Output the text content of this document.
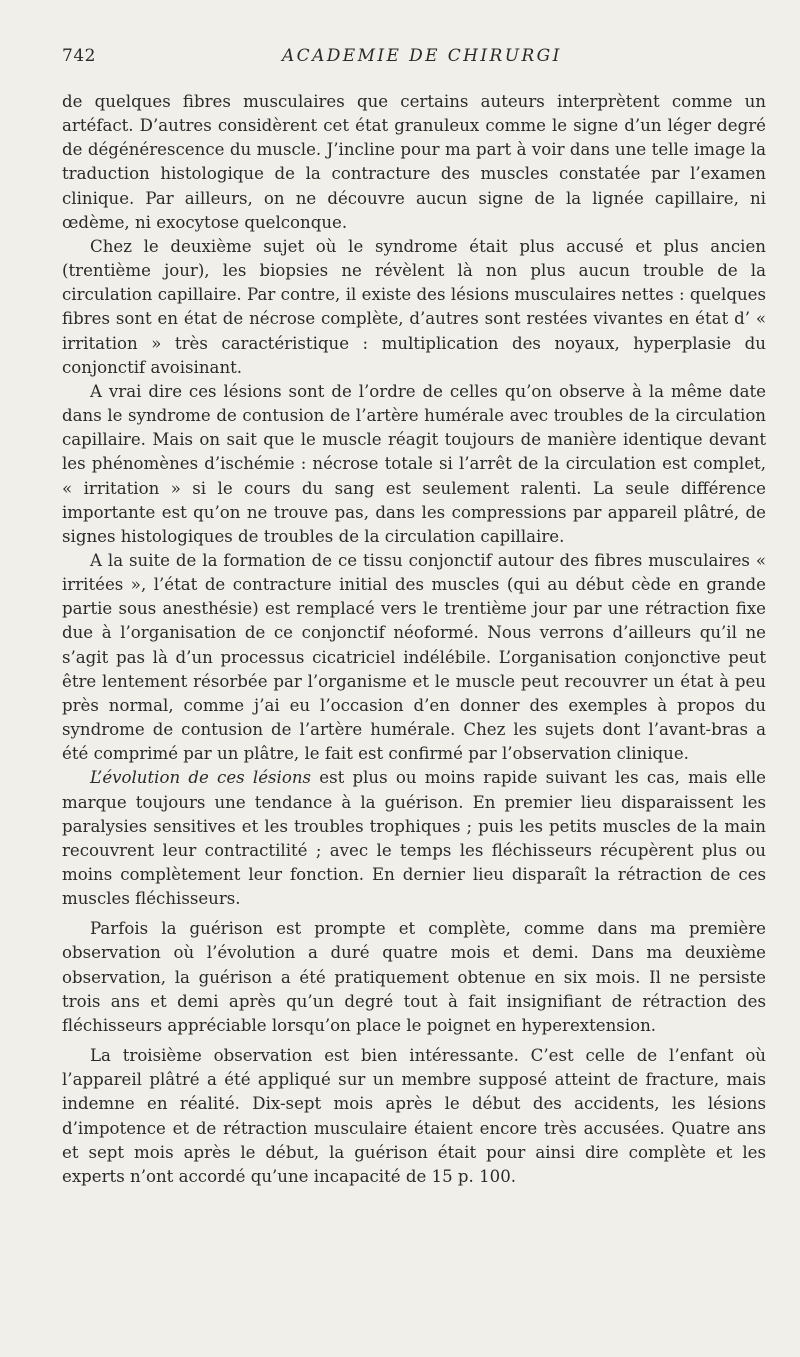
742	ACADEMIE DE CHIRURGI

de quelques fibres musculaires que certains auteurs interprètent comme un artéfact. D’autres considèrent cet état granuleux comme le signe d’un léger degré de dégénérescence du muscle. J’incline pour ma part à voir dans une telle image la traduction histologique de la contracture des muscles constatée par l’examen clinique. Par ailleurs, on ne découvre aucun signe de la lignée capillaire, ni œdème, ni exocytose quelconque.

Chez le deuxième sujet où le syndrome était plus accusé et plus ancien (trentième jour), les biopsies ne révèlent là non plus aucun trouble de la circulation capillaire. Par contre, il existe des lésions musculaires nettes : quelques fibres sont en état de nécrose complète, d’autres sont restées vivantes en état d’ « irritation » très caractéristique : multiplication des noyaux, hyperplasie du conjonctif avoisinant.

A vrai dire ces lésions sont de l’ordre de celles qu’on observe à la même date dans le syndrome de contusion de l’artère humérale avec troubles de la circulation capillaire. Mais on sait que le muscle réagit toujours de manière identique devant les phénomènes d’ischémie : nécrose totale si l’arrêt de la circulation est complet, « irritation » si le cours du sang est seulement ralenti. La seule différence importante est qu’on ne trouve pas, dans les compressions par appareil plâtré, de signes histologiques de troubles de la circulation capillaire.

A la suite de la formation de ce tissu conjonctif autour des fibres musculaires « irritées », l’état de contracture initial des muscles (qui au début cède en grande partie sous anesthésie) est remplacé vers le trentième jour par une rétraction fixe due à l’organisation de ce conjonctif néoformé. Nous verrons d’ailleurs qu’il ne s’agit pas là d’un processus cicatriciel indélébile. L’organisation conjonctive peut être lentement résorbée par l’organisme et le muscle peut recouvrer un état à peu près normal, comme j’ai eu l’occasion d’en donner des exemples à propos du syndrome de contusion de l’artère humérale. Chez les sujets dont l’avant-bras a été comprimé par un plâtre, le fait est confirmé par l’observation clinique.

L’évolution de ces lésions est plus ou moins rapide suivant les cas, mais elle marque toujours une tendance à la guérison. En premier lieu disparaissent les paralysies sensitives et les troubles trophiques ; puis les petits muscles de la main recouvrent leur contractilité ; avec le temps les fléchisseurs récupèrent plus ou moins complètement leur fonction. En dernier lieu disparaît la rétraction de ces muscles fléchisseurs.

Parfois la guérison est prompte et complète, comme dans ma première observation où l’évolution a duré quatre mois et demi. Dans ma deuxième observation, la guérison a été pratiquement obtenue en six mois. Il ne persiste trois ans et demi après qu’un degré tout à fait insignifiant de rétraction des fléchisseurs appréciable lorsqu’on place le poignet en hyperextension.

La troisième observation est bien intéressante. C’est celle de l’enfant où l’appareil plâtré a été appliqué sur un membre supposé atteint de fracture, mais indemne en réalité. Dix-sept mois après le début des accidents, les lésions d’impotence et de rétraction musculaire étaient encore très accusées. Quatre ans et sept mois après le début, la guérison était pour ainsi dire complète et les experts n’ont accordé qu’une incapacité de 15 p. 100.
